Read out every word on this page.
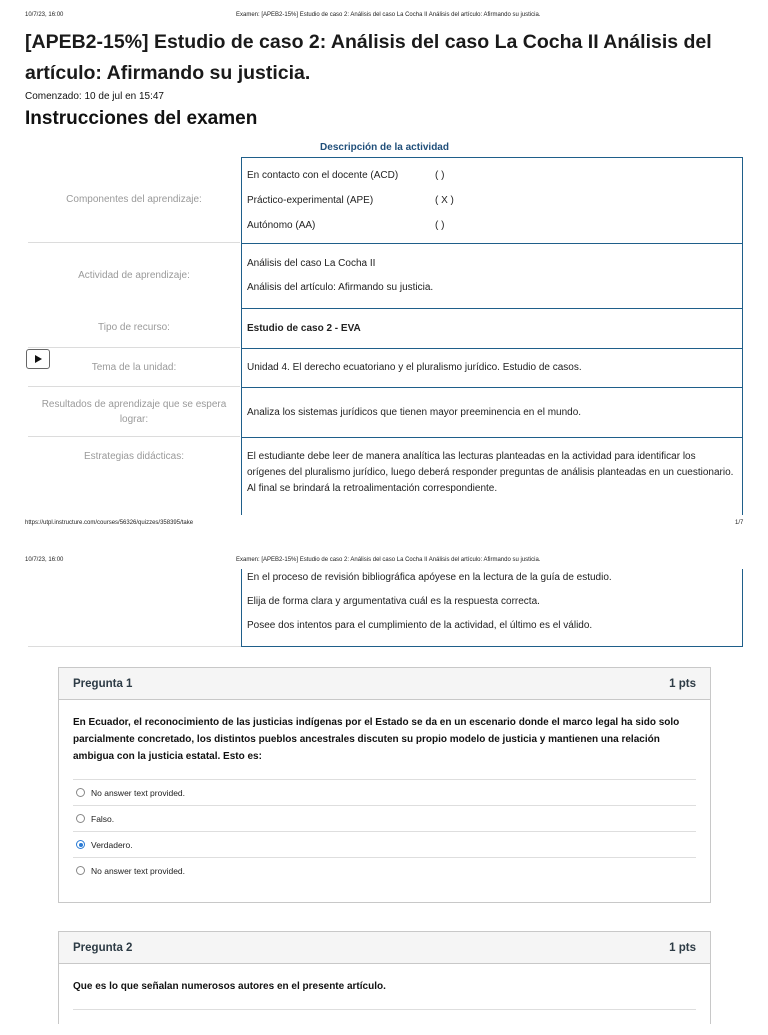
10/7/23, 16:00	Examen: [APEB2-15%] Estudio de caso 2: Análisis del caso La Cocha II Análisis del artículo: Afirmando su justicia.
[APEB2-15%] Estudio de caso 2: Análisis del caso La Cocha II Análisis del artículo: Afirmando su justicia.
Comenzado: 10 de jul en 15:47
Instrucciones del examen
Descripción de la actividad
Componentes del aprendizaje:
En contacto con el docente (ACD)	( )
Práctico-experimental (APE)	( X )
Autónomo (AA)	( )
Actividad de aprendizaje:
Análisis del caso La Cocha II
Análisis del artículo: Afirmando su justicia.
Tipo de recurso:	Estudio de caso 2 - EVA
Tema de la unidad:	Unidad 4. El derecho ecuatoriano y el pluralismo jurídico. Estudio de casos.
Resultados de aprendizaje que se espera lograr:
Analiza los sistemas jurídicos que tienen mayor preeminencia en el mundo.
Estrategias didácticas:	El estudiante debe leer de manera analítica las lecturas planteadas en la actividad para identificar los orígenes del pluralismo jurídico, luego deberá responder preguntas de análisis planteadas en un cuestionario. Al final se brindará la retroalimentación correspondiente.
https://utpl.instructure.com/courses/56326/quizzes/358395/take	1/7
10/7/23, 16:00	Examen: [APEB2-15%] Estudio de caso 2: Análisis del caso La Cocha II Análisis del artículo: Afirmando su justicia.
En el proceso de revisión bibliográfica apóyese en la lectura de la guía de estudio.
Elija de forma clara y argumentativa cuál es la respuesta correcta.
Posee dos intentos para el cumplimiento de la actividad, el último es el válido.
Pregunta 1	1 pts

En Ecuador, el reconocimiento de las justicias indígenas por el Estado se da en un escenario donde el marco legal ha sido solo parcialmente concretado, los distintos pueblos ancestrales discuten su propio modelo de justicia y mantienen una relación ambigua con la justicia estatal. Esto es:

No answer text provided.
Falso.
Verdadero.
No answer text provided.
Pregunta 2	1 pts

Que es lo que señalan numerosos autores en el presente artículo.
